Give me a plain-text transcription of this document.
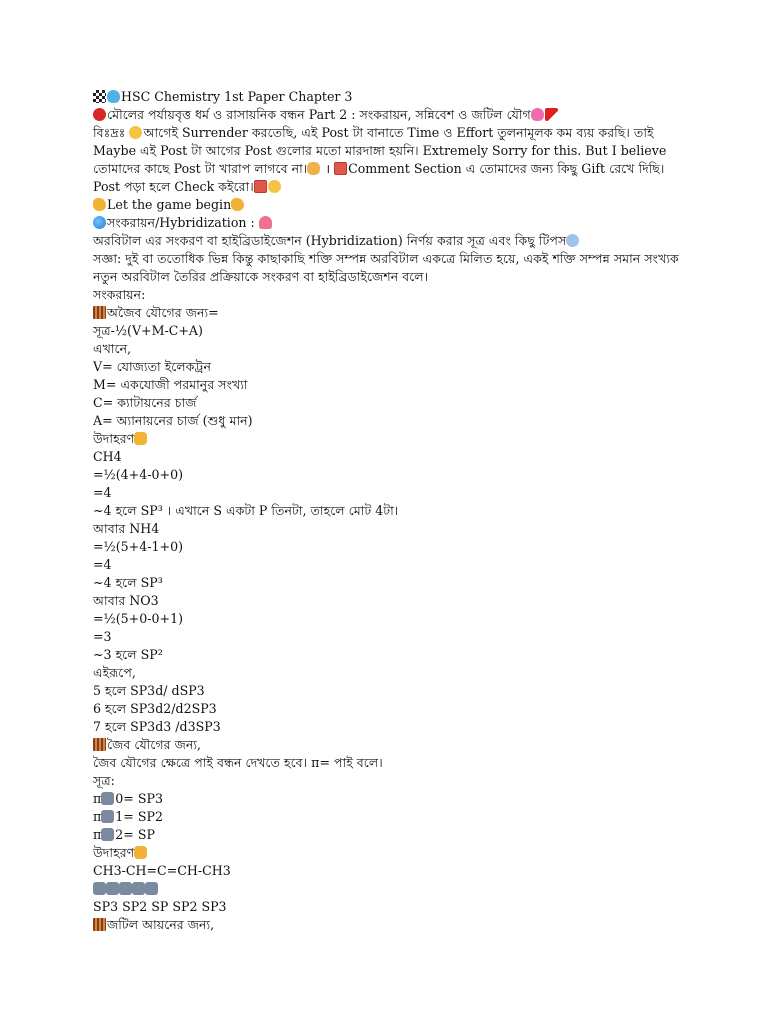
HSC Chemistry 1st Paper Chapter 3
মৌলের পর্যায়বৃত্ত ধর্ম ও রাসায়নিক বন্ধন Part 2 : সংকরায়ন, সন্নিবেশ ও জটিল যৌগ
বিঃদ্রঃ আগেই Surrender করতেছি, এই Post টা বানাতে Time ও Effort তুলনামূলক কম ব্যয় করছি। তাই Maybe এই Post টা আগের Post গুলোর মতো মারদাঙ্গা হয়নি। Extremely Sorry for this. But I believe তোমাদের কাছে Post টা খারাপ লাগবে না। । Comment Section এ তোমাদের জন্য কিছু Gift রেখে দিছি। Post পড়া হলে Check কইরো।
Let the game begin
সংকরায়ন/Hybridization :
অরবিটাল এর সংকরণ বা হাইব্রিডাইজেশন (Hybridization) নির্ণয় করার সূত্র এবং কিছু টিপস
সজ্ঞা: দুই বা ততোধিক ভিন্ন কিন্তু কাছাকাছি শক্তি সম্পন্ন অরবিটাল একত্রে মিলিত হয়ে, একই শক্তি সম্পন্ন সমান সংখ্যক নতুন অরবিটাল তৈরির প্রক্রিয়াকে সংকরণ বা হাইব্রিডাইজেশন বলে।
সংকরায়ন:
অজৈব যৌগের জন্য=
সূত্র-½(V+M-C+A)
এখানে,
V= যোজ্যতা ইলেকট্রন
M= একযোজী পরমানুর সংখ্যা
C= ক্যাটায়নের চার্জ
A= অ্যানায়নের চার্জ (শুধু মান)
উদাহরণ
CH4
=½(4+4-0+0)
=4
~4 হলে SP³ । এখানে S একটা P তিনটা, তাহলে মোট 4টা।
আবার NH4
=½(5+4-1+0)
=4
~4 হলে SP³
আবার NO3
=½(5+0-0+1)
=3
~3 হলে SP²
এইরূপে,
5 হলে SP3d/ dSP3
6 হলে SP3d2/d2SP3
7 হলে SP3d3 /d3SP3
জৈব যৌগের জন্য,
জৈব যৌগের ক্ষেত্রে পাই বন্ধন দেখতে হবে। π= পাই বলে।
সূত্র:
π 0= SP3
π 1= SP2
π 2= SP
উদাহরণ
CH3-CH=C=CH-CH3
SP3 SP2 SP SP2 SP3
জটিল আয়নের জন্য,
